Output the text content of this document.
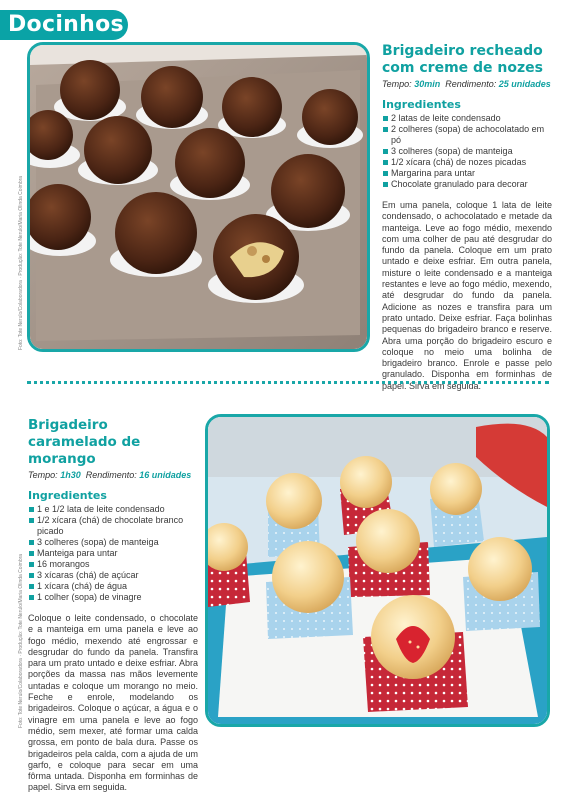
Docinhos
Foto: Tote Nerulo/Colaboradora · Produção: Tote Nerulo/Maria Olinda Coimbra
Brigadeiro recheado com creme de nozes
Tempo: 30min Rendimento: 25 unidades
Ingredientes
2 latas de leite condensado
2 colheres (sopa) de achocolatado em pó
3 colheres (sopa) de manteiga
1/2 xícara (chá) de nozes picadas
Margarina para untar
Chocolate granulado para decorar
Em uma panela, coloque 1 lata de leite condensado, o achocolatado e metade da manteiga. Leve ao fogo médio, mexendo com uma colher de pau até desgrudar do fundo da panela. Coloque em um prato untado e deixe esfriar. Em outra panela, misture o leite condensado e a manteiga restantes e leve ao fogo médio, mexendo, até desgrudar do fundo da panela. Adicione as nozes e transfira para um prato untado. Deixe esfriar. Faça bolinhas pequenas do brigadeiro branco e reserve. Abra uma porção do brigadeiro escuro e coloque no meio uma bolinha de brigadeiro branco. Enrole e passe pelo granulado. Disponha em forminhas de papel. Sirva em seguida.
Brigadeiro caramelado de morango
Tempo: 1h30 Rendimento: 16 unidades
Ingredientes
1 e 1/2 lata de leite condensado
1/2 xícara (chá) de chocolate branco picado
3 colheres (sopa) de manteiga
Manteiga para untar
16 morangos
3 xícaras (chá) de açúcar
1 xícara (chá) de água
1 colher (sopa) de vinagre
Coloque o leite condensado, o chocolate e a manteiga em uma panela e leve ao fogo médio, mexendo até engrossar e desgrudar do fundo da panela. Transfira para um prato untado e deixe esfriar. Abra porções da massa nas mãos levemente untadas e coloque um morango no meio. Feche e enrole, modelando os brigadeiros. Coloque o açúcar, a água e o vinagre em uma panela e leve ao fogo médio, sem mexer, até formar uma calda grossa, em ponto de bala dura. Passe os brigadeiros pela calda, com a ajuda de um garfo, e coloque para secar em uma fôrma untada. Disponha em forminhas de papel. Sirva em seguida.
Foto: Tote Nerulo/Colaboradora · Produção: Tote Nerulo/Maria Olinda Coimbra
